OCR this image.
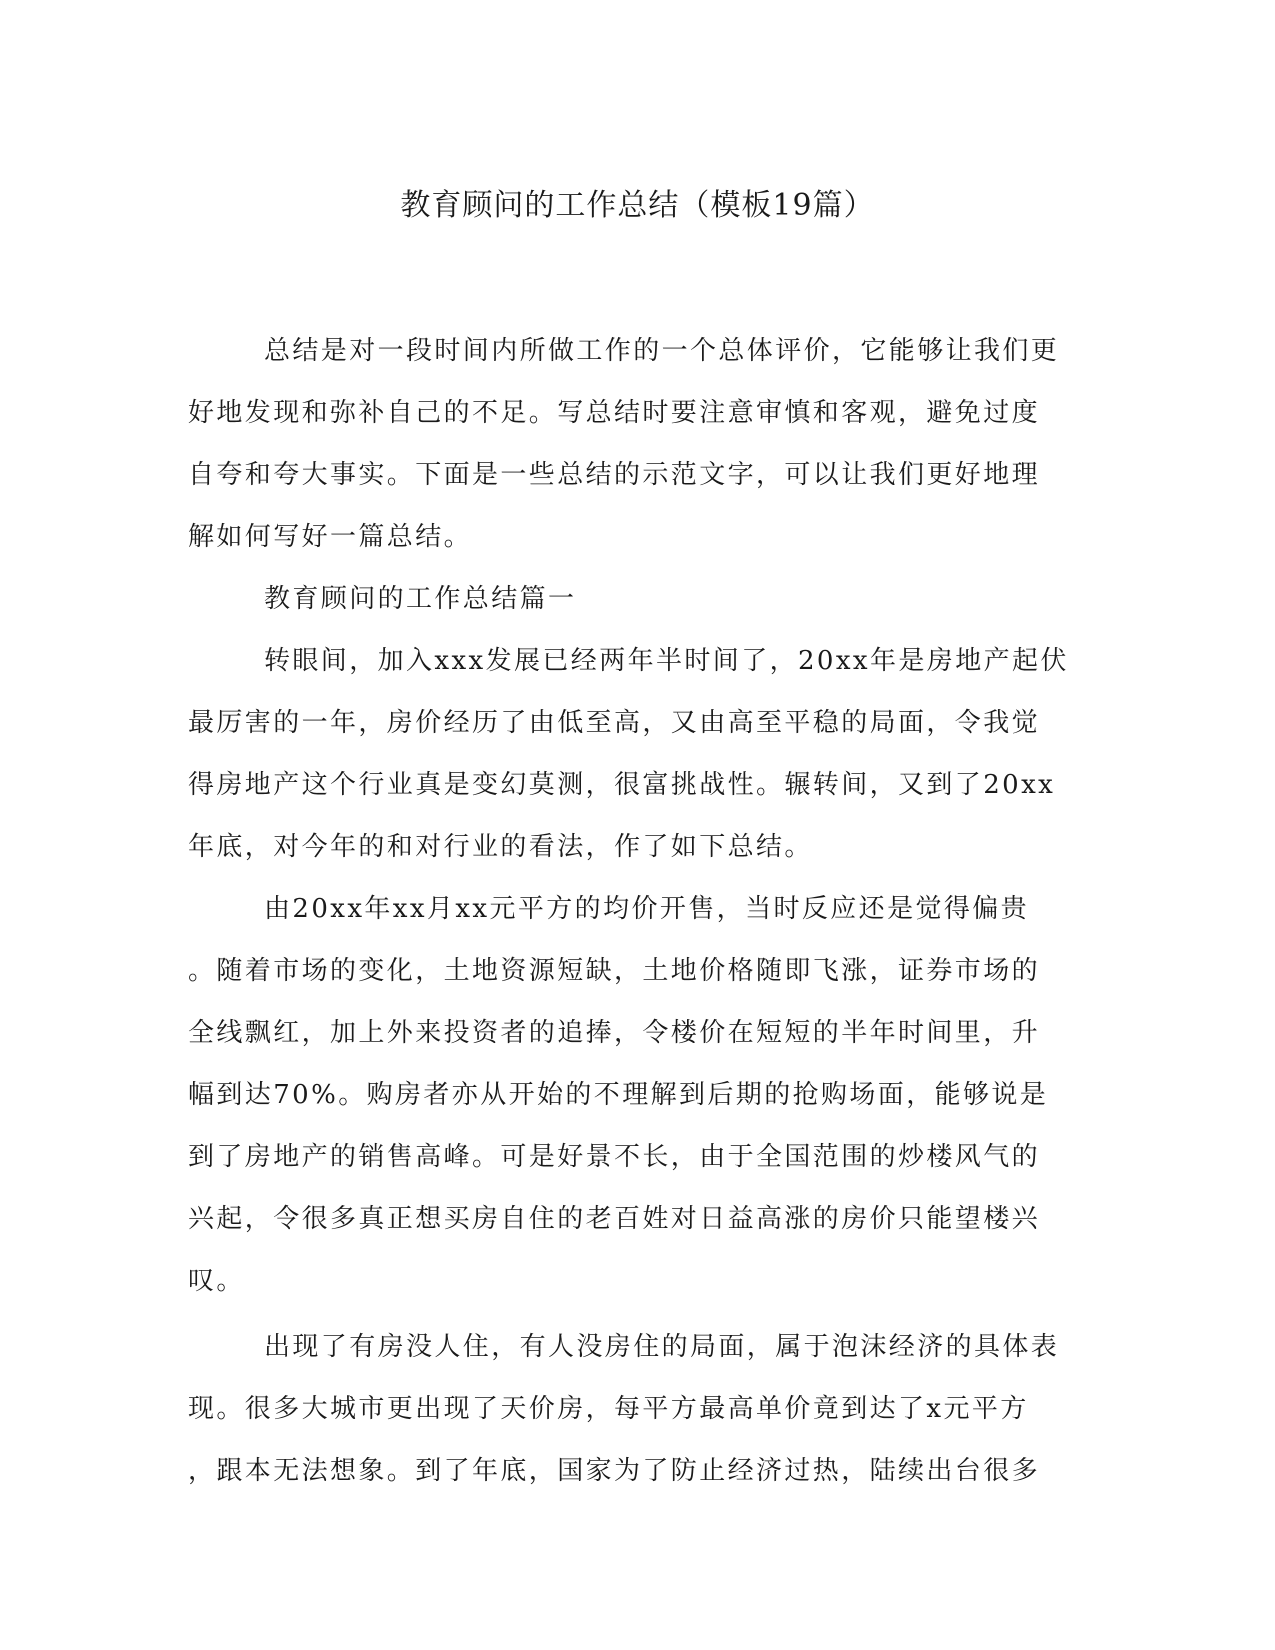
教育顾问的工作总结（模板19篇）
总结是对一段时间内所做工作的一个总体评价，它能够让我们更
好地发现和弥补自己的不足。写总结时要注意审慎和客观，避免过度
自夸和夸大事实。下面是一些总结的示范文字，可以让我们更好地理
解如何写好一篇总结。
教育顾问的工作总结篇一
转眼间，加入xxx发展已经两年半时间了，20xx年是房地产起伏
最厉害的一年，房价经历了由低至高，又由高至平稳的局面，令我觉
得房地产这个行业真是变幻莫测，很富挑战性。辗转间，又到了20xx
年底，对今年的和对行业的看法，作了如下总结。
由20xx年xx月xx元平方的均价开售，当时反应还是觉得偏贵
。随着市场的变化，土地资源短缺，土地价格随即飞涨，证券市场的
全线飘红，加上外来投资者的追捧，令楼价在短短的半年时间里，升
幅到达70%。购房者亦从开始的不理解到后期的抢购场面，能够说是
到了房地产的销售高峰。可是好景不长，由于全国范围的炒楼风气的
兴起，令很多真正想买房自住的老百姓对日益高涨的房价只能望楼兴
叹。
出现了有房没人住，有人没房住的局面，属于泡沫经济的具体表
现。很多大城市更出现了天价房，每平方最高单价竟到达了x元平方
，跟本无法想象。到了年底，国家为了防止经济过热，陆续出台很多
